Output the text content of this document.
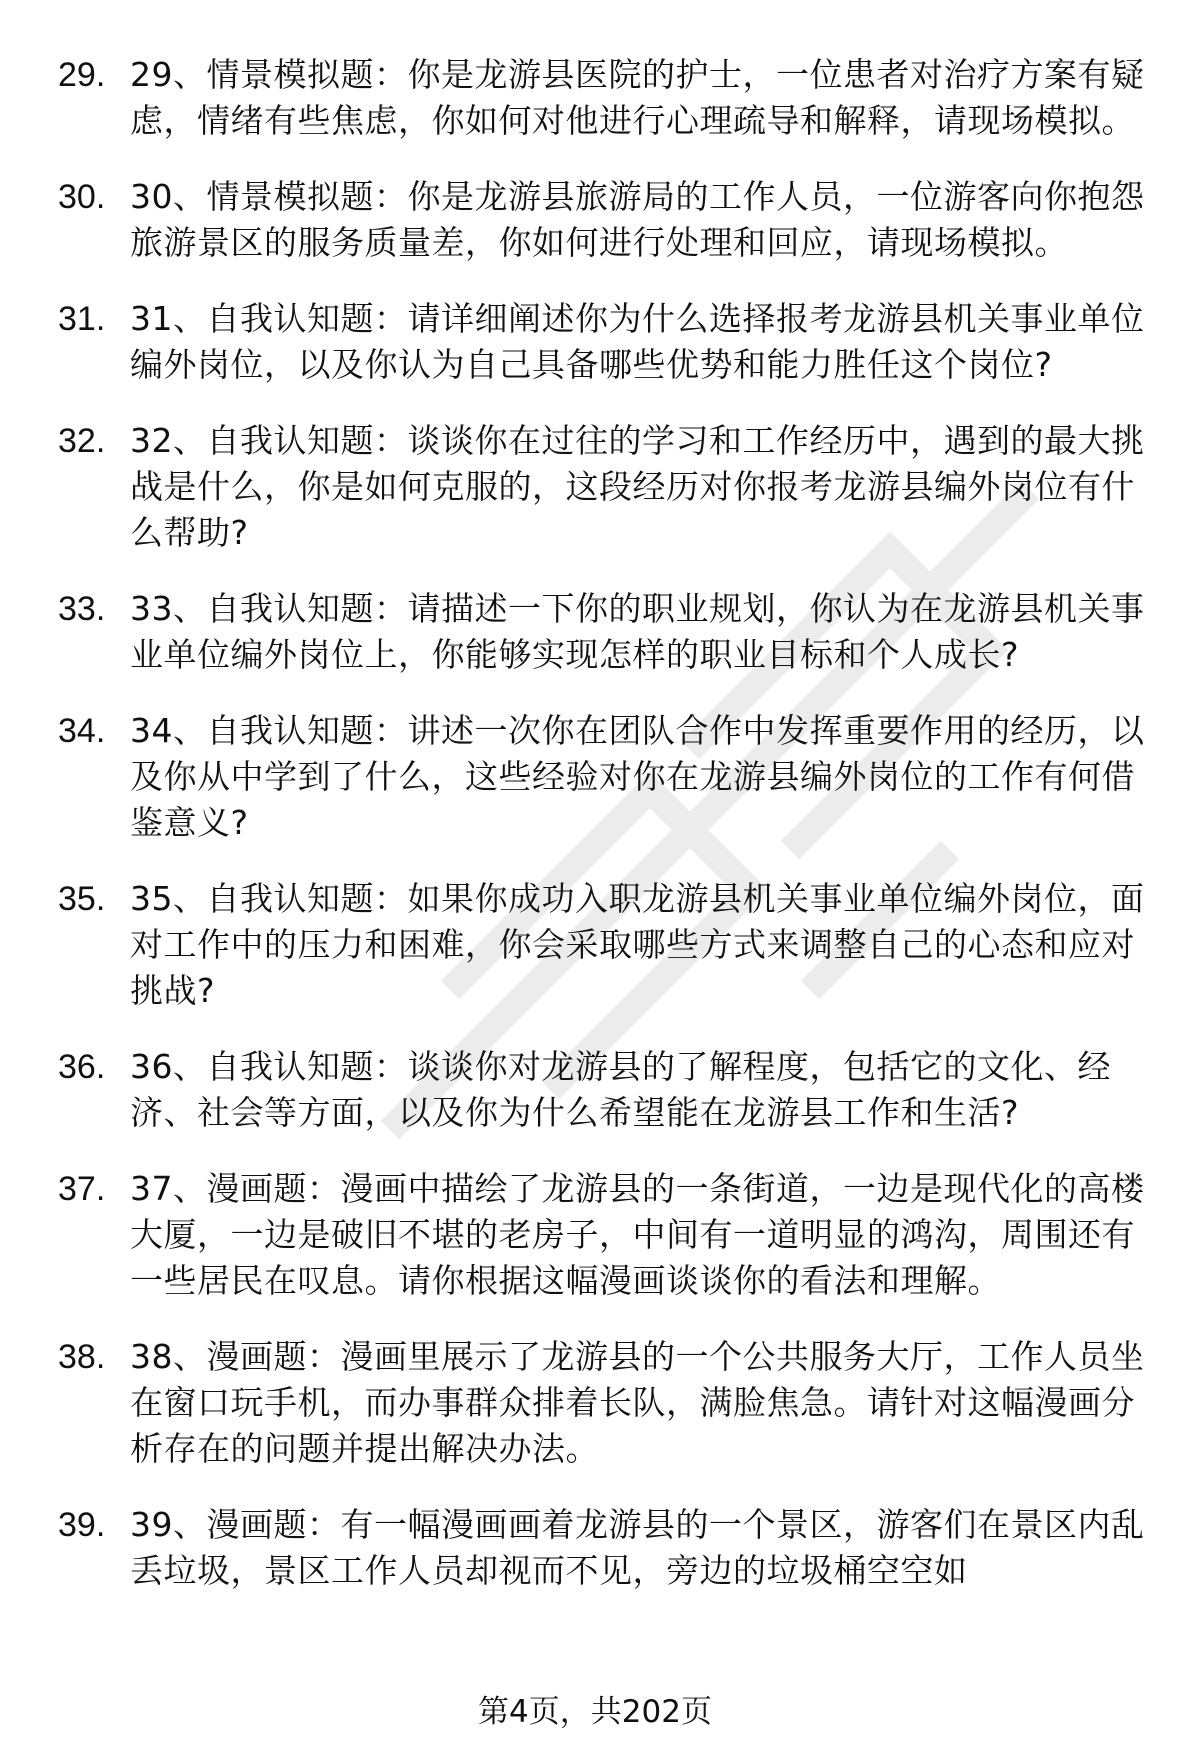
29. 29、情景模拟题：你是龙游县医院的护士，一位患者对治疗方案有疑虑，情绪有些焦虑，你如何对他进行心理疏导和解释，请现场模拟。
30. 30、情景模拟题：你是龙游县旅游局的工作人员，一位游客向你抱怨旅游景区的服务质量差，你如何进行处理和回应，请现场模拟。
31. 31、自我认知题：请详细阐述你为什么选择报考龙游县机关事业单位编外岗位，以及你认为自己具备哪些优势和能力胜任这个岗位?
32. 32、自我认知题：谈谈你在过往的学习和工作经历中，遇到的最大挑战是什么，你是如何克服的，这段经历对你报考龙游县编外岗位有什么帮助?
33. 33、自我认知题：请描述一下你的职业规划，你认为在龙游县机关事业单位编外岗位上，你能够实现怎样的职业目标和个人成长?
34. 34、自我认知题：讲述一次你在团队合作中发挥重要作用的经历，以及你从中学到了什么，这些经验对你在龙游县编外岗位的工作有何借鉴意义?
35. 35、自我认知题：如果你成功入职龙游县机关事业单位编外岗位，面对工作中的压力和困难，你会采取哪些方式来调整自己的心态和应对挑战?
36. 36、自我认知题：谈谈你对龙游县的了解程度，包括它的文化、经济、社会等方面，以及你为什么希望能在龙游县工作和生活?
37. 37、漫画题：漫画中描绘了龙游县的一条街道，一边是现代化的高楼大厦，一边是破旧不堪的老房子，中间有一道明显的鸿沟，周围还有一些居民在叹息。请你根据这幅漫画谈谈你的看法和理解。
38. 38、漫画题：漫画里展示了龙游县的一个公共服务大厅，工作人员坐在窗口玩手机，而办事群众排着长队，满脸焦急。请针对这幅漫画分析存在的问题并提出解决办法。
39. 39、漫画题：有一幅漫画画着龙游县的一个景区，游客们在景区内乱丢垃圾，景区工作人员却视而不见，旁边的垃圾桶空空如
第4页，共202页
